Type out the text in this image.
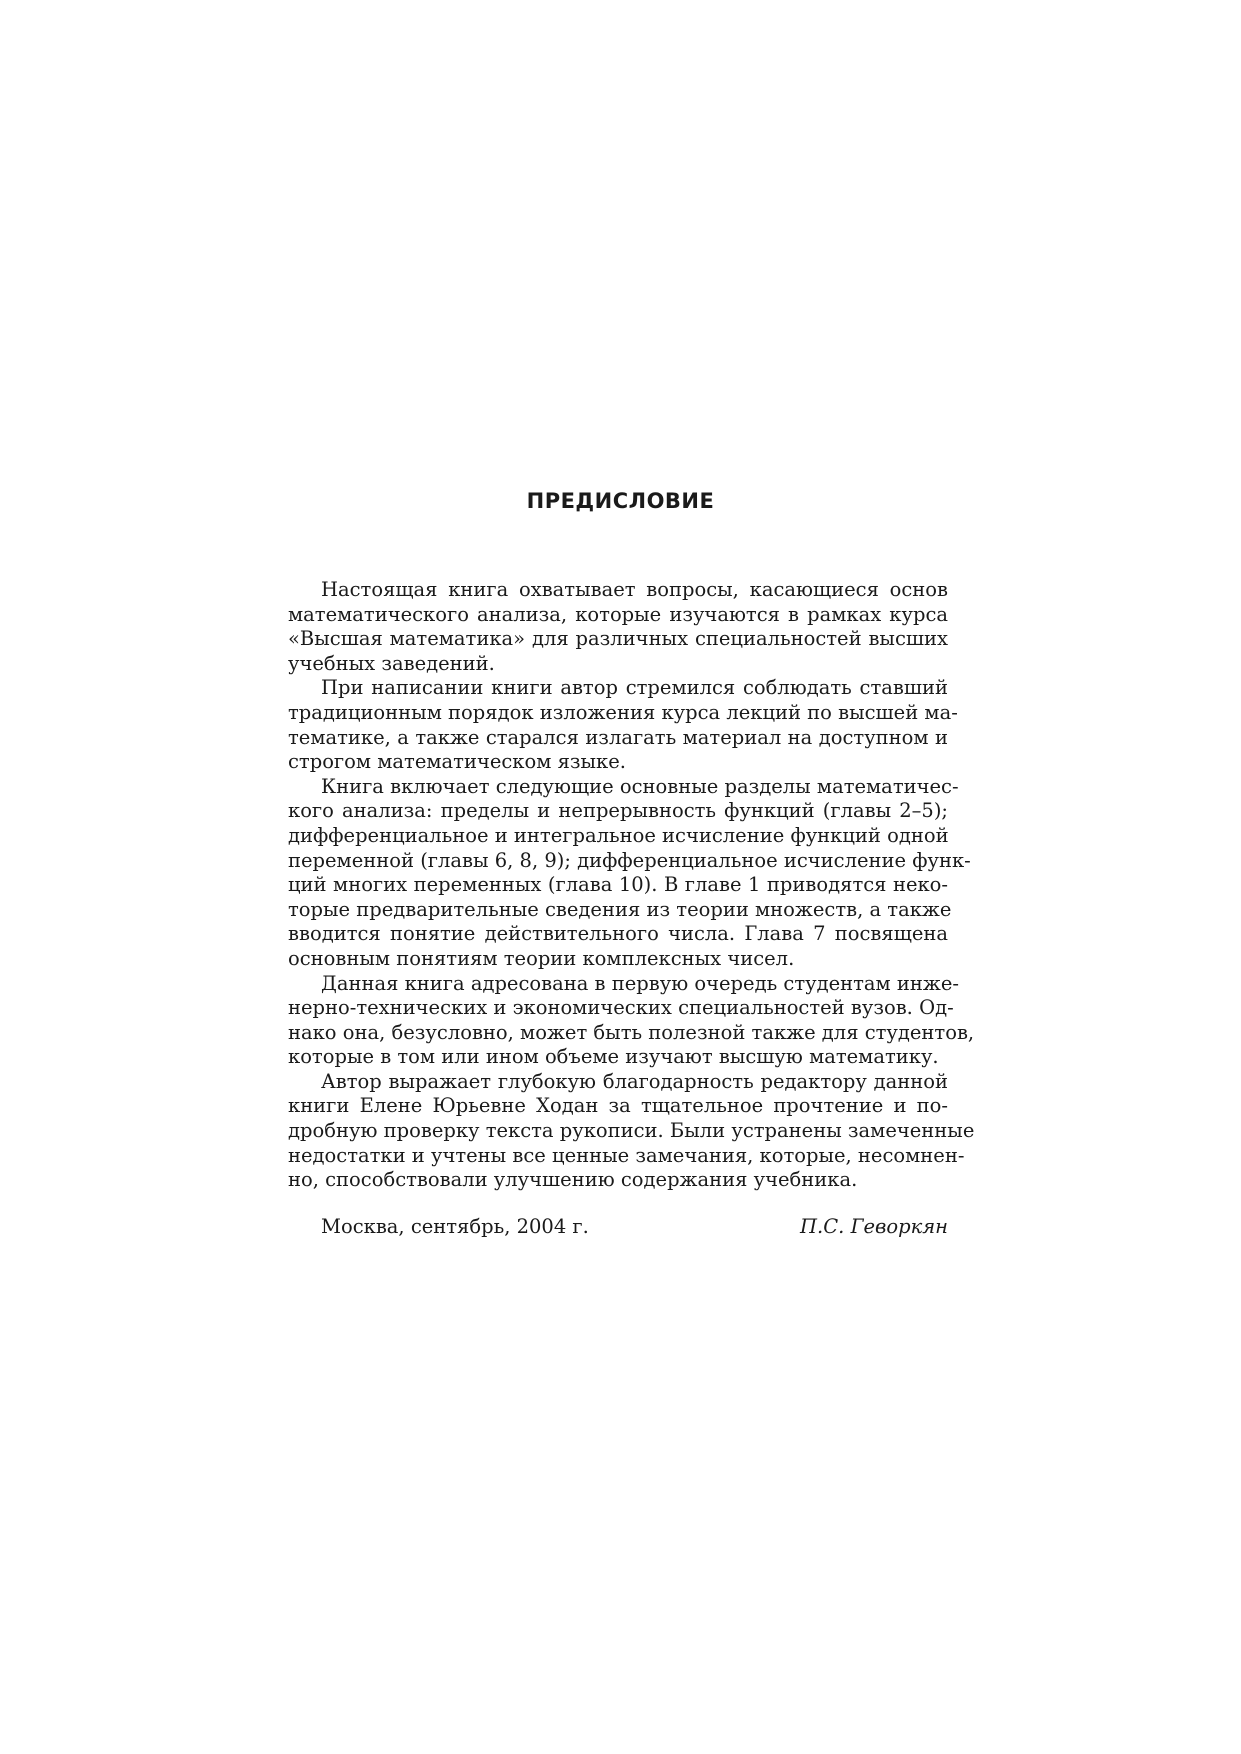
ПРЕДИСЛОВИЕ
Настоящая книга охватывает вопросы, касающиеся основ
математического анализа, которые изучаются в рамках курса
«Высшая математика» для различных специальностей высших
учебных заведений.
При написании книги автор стремился соблюдать ставший
традиционным порядок изложения курса лекций по высшей ма-
тематике, а также старался излагать материал на доступном и
строгом математическом языке.
Книга включает следующие основные разделы математичес-
кого анализа: пределы и непрерывность функций (главы 2–5);
дифференциальное и интегральное исчисление функций одной
переменной (главы 6, 8, 9); дифференциальное исчисление функ-
ций многих переменных (глава 10). В главе 1 приводятся неко-
торые предварительные сведения из теории множеств, а также
вводится понятие действительного числа. Глава 7 посвящена
основным понятиям теории комплексных чисел.
Данная книга адресована в первую очередь студентам инже-
нерно-технических и экономических специальностей вузов. Од-
нако она, безусловно, может быть полезной также для студентов,
которые в том или ином объеме изучают высшую математику.
Автор выражает глубокую благодарность редактору данной
книги Елене Юрьевне Ходан за тщательное прочтение и по-
дробную проверку текста рукописи. Были устранены замеченные
недостатки и учтены все ценные замечания, которые, несомнен-
но, способствовали улучшению содержания учебника.
Москва, сентябрь, 2004 г.	П.С. Геворкян
